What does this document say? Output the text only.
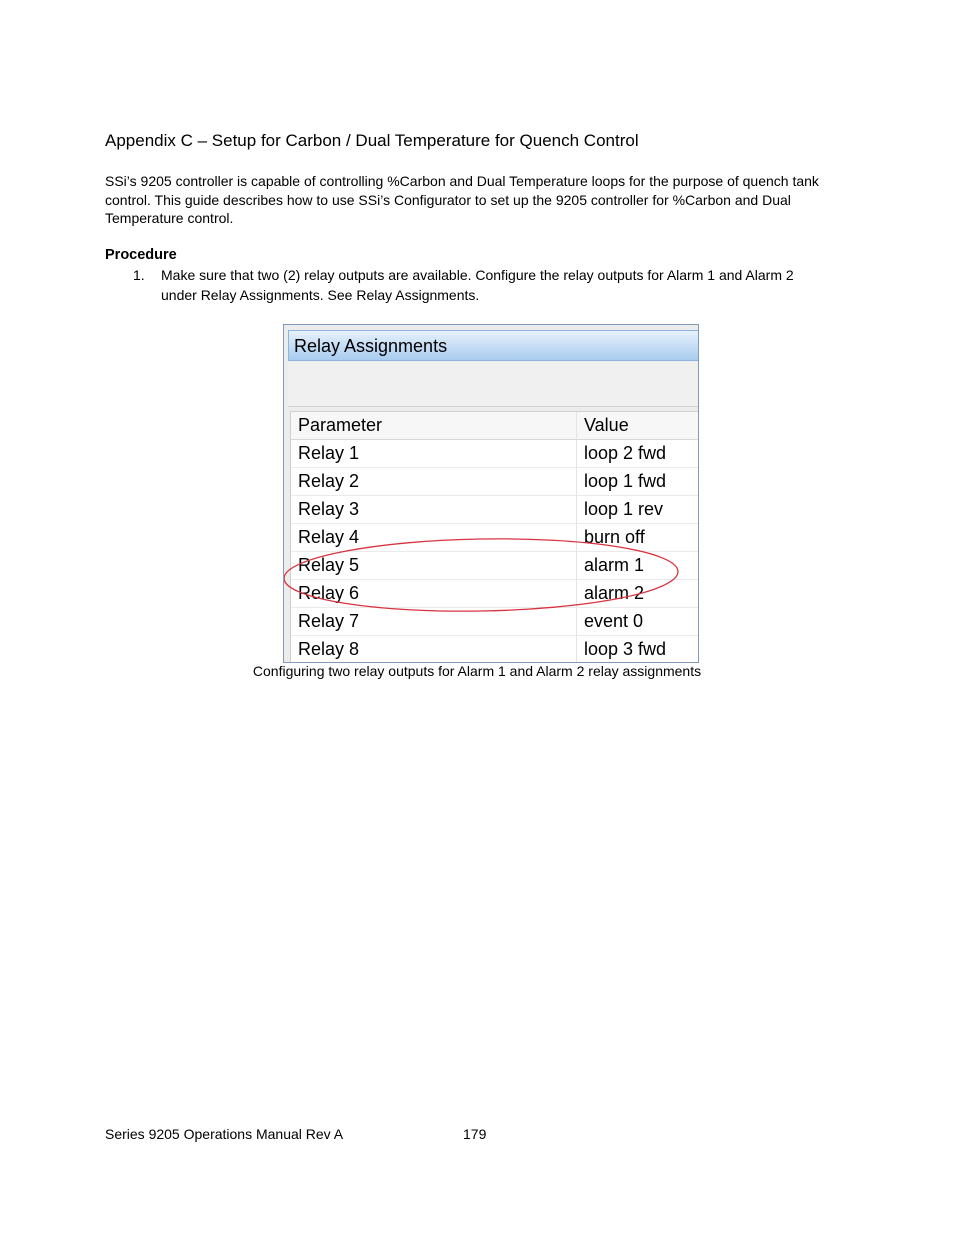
Appendix C – Setup for Carbon / Dual Temperature for Quench Control

SSi’s 9205 controller is capable of controlling %Carbon and Dual Temperature loops for the purpose of quench tank control. This guide describes how to use SSi’s Configurator to set up the 9205 controller for %Carbon and Dual Temperature control.

Procedure
1. Make sure that two (2) relay outputs are available. Configure the relay outputs for Alarm 1 and Alarm 2 under Relay Assignments. See Relay Assignments.
Relay Assignments
Parameter	Value
Relay 1	loop 2 fwd
Relay 2	loop 1 fwd
Relay 3	loop 1 rev
Relay 4	burn off
Relay 5	alarm 1
Relay 6	alarm 2
Relay 7	event 0
Relay 8	loop 3 fwd
Configuring two relay outputs for Alarm 1 and Alarm 2 relay assignments
Series 9205 Operations Manual Rev A	179
